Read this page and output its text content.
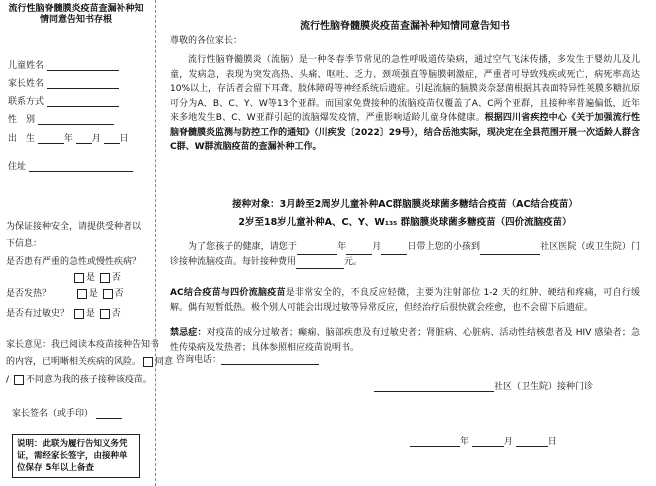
流行性脑脊髓膜炎疫苗查漏补种知情同意告知书存根
儿童姓名
家长姓名
联系方式
性　别
出　生	年 月 日
住址
为保证接种安全，请提供受种者以
下信息：
是否患有严重的急性或慢性疾病？
是 否
是否发热？	是 否
是否有过敏史？ 是 否
家长意见：我已阅读本疫苗接种告知书
的内容，已明晰相关疾病的风险。 同意
/ 不同意为我的孩子接种该疫苗。
家长签名（或手印）
说明：此联为履行告知义务凭证，需经家长签字，由接种单位保存 5年以上备查
流行性脑脊髓膜炎疫苗查漏补种知情同意告知书
尊敬的各位家长：
流行性脑脊髓膜炎（流脑）是一种冬春季节常见的急性呼吸道传染病，通过空气飞沫传播，多发生于婴幼儿及儿童，发病急，表现为突发高热、头痛、呕吐、乏力、颈项强直等脑膜刺激症，严重者可导致残疾或死亡，病死率高达 10%以上，存活者会留下耳聋、肢体障碍等神经系统后遗症。引起流脑的脑膜炎奈瑟菌根据其表面特异性荚膜多糖抗原可分为A、B、C、Y、W等13个亚群。而国家免费接种的流脑疫苗仅覆盖了A、C两个亚群，且接种率普遍偏低，近年来多地发生B、C、W亚群引起的流脑爆发疫情，严重影响适龄儿童身体健康。根据四川省疾控中心《关于加强流行性脑脊髓膜炎监测与防控工作的通知》（川疾发〔2022〕29号），结合岳池实际，现决定在全县范围开展一次适龄人群含C群、W群流脑疫苗的查漏补种工作。
接种对象：3月龄至2周岁儿童补种AC群脑膜炎球菌多糖结合疫苗（AC结合疫苗）
2岁至18岁儿童补种A、C、Y、W₁₃₅ 群脑膜炎球菌多糖疫苗（四价流脑疫苗）
为了您孩子的健康，请您于	年	月	日带上您的小孩到	社区医院（或卫生院）门诊接种流脑疫苗。每针接种费用	元。
AC结合疫苗与四价流脑疫苗是非常安全的，不良反应轻微，主要为注射部位 1-2 天的红肿、硬结和疼痛，可自行缓解。偶有短暂低热。极个别人可能会出现过敏等异常反应，但经治疗后很快就会痊愈，也不会留下后遗症。
禁忌症：对疫苗的成分过敏者；癫痫、脑部疾患及有过敏史者；肾脏病、心脏病、活动性结核患者及 HIV 感染者；急性传染病及发热者；具体参照相应疫苗说明书。
咨询电话：
社区（卫生院）接种门诊
年	月	日
